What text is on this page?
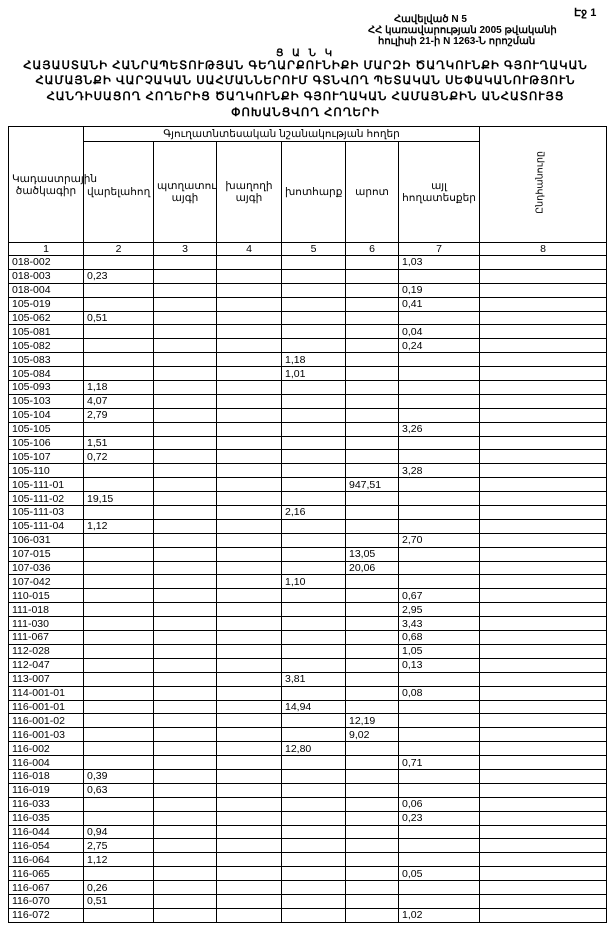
Էջ 1
Հավելված N 5
ՀՀ կառավարության 2005 թվականի
հուլիսի 21-ի N 1263-Ն որոշման
Ց Ա Ն Կ
ՀԱՅԱՍՏԱՆԻ ՀԱՆՐԱՊԵՏՈՒԹՅԱՆ ԳԵՂԱՐՔՈՒՆԻՔԻ ՄԱՐԶԻ ԾԱՂԿՈՒՆՔԻ ԳՅՈՒՂԱԿԱՆ
ՀԱՄԱՅՆՔԻ ՎԱՐՉԱԿԱՆ ՍԱՀՄԱՆՆԵՐՈՒՄ ԳՏՆՎՈՂ ՊԵՏԱԿԱՆ ՍԵՓԱԿԱՆՈՒԹՅՈՒՆ
ՀԱՆԴԻՍԱՑՈՂ ՀՈՂԵՐԻՑ ԾԱՂԿՈՒՆՔԻ ԳՅՈՒՂԱԿԱՆ ՀԱՄԱՅՆՔԻՆ ԱՆՀԱՏՈՒՅՑ
ՓՈԽԱՆՑՎՈՂ ՀՈՂԵՐԻ
Կադաստրային ծածկագիր	Գյուղատնտեսական նշանակության հողեր						Ընդհանուրը

	վարելահող	պտղատու այգի	խաղողի այգի	խոտհարք	արոտ	այլ հողատեսքեր	
1	2	3	4	5	6	7	8
018-002						1,03	
018-003	0,23						
018-004						0,19	
105-019						0,41	
105-062	0,51						
105-081						0,04	
105-082						0,24	
105-083				1,18			
105-084				1,01			
105-093	1,18						
105-103	4,07						
105-104	2,79						
105-105						3,26	
105-106	1,51						
105-107	0,72						
105-110						3,28	
105-111-01					947,51		
105-111-02	19,15						
105-111-03				2,16			
105-111-04	1,12						
106-031						2,70	
107-015					13,05		
107-036					20,06		
107-042				1,10			
110-015						0,67	
111-018						2,95	
111-030						3,43	
111-067						0,68	
112-028						1,05	
112-047						0,13	
113-007				3,81			
114-001-01						0,08	
116-001-01				14,94			
116-001-02					12,19		
116-001-03					9,02		
116-002				12,80			
116-004						0,71	
116-018	0,39						
116-019	0,63						
116-033						0,06	
116-035						0,23	
116-044	0,94						
116-054	2,75						
116-064	1,12						
116-065						0,05	
116-067	0,26						
116-070	0,51						
116-072						1,02	
